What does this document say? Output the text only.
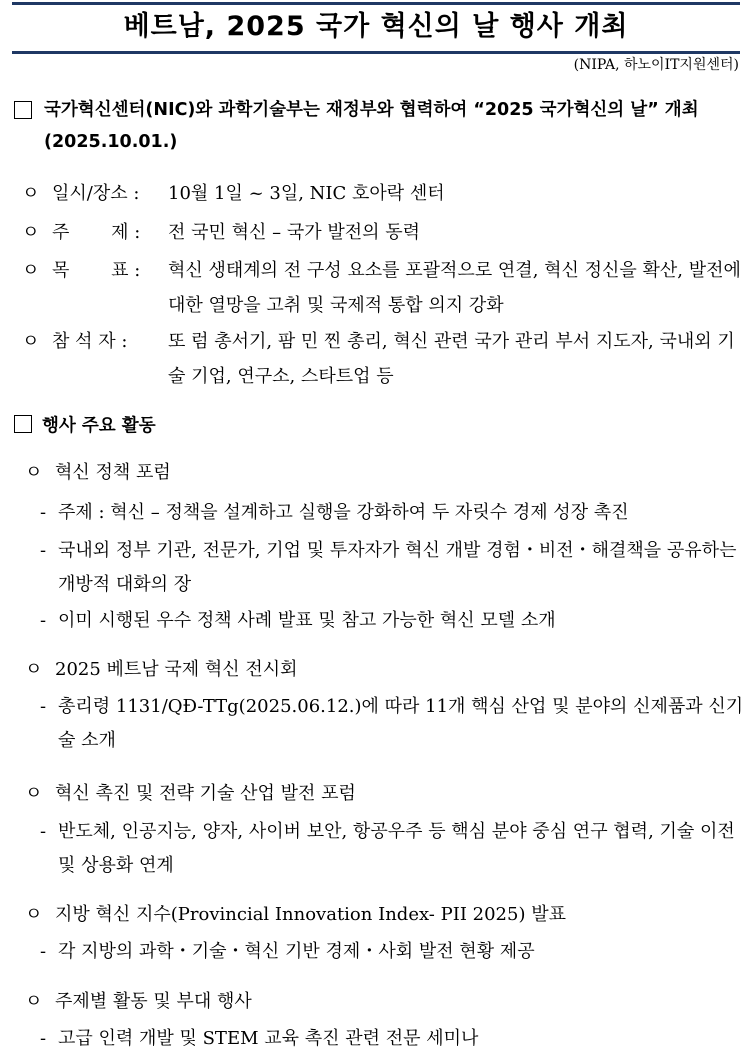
베트남, 2025 국가 혁신의 날 행사 개최
(NIPA, 하노이IT지원센터)
국가혁신센터(NIC)와 과학기술부는 재정부와 협력하여 “2025 국가혁신의 날” 개최(2025.10.01.)
ㅇ 일시/장소 : 10월 1일 ~ 3일, NIC 호아락 센터
ㅇ 주　　 제 : 전 국민 혁신 – 국가 발전의 동력
ㅇ 목　　 표 : 혁신 생태계의 전 구성 요소를 포괄적으로 연결, 혁신 정신을 확산, 발전에 대한 열망을 고취 및 국제적 통합 의지 강화
ㅇ 참 석 자 : 또 럼 총서기, 팜 민 찐 총리, 혁신 관련 국가 관리 부서 지도자, 국내외 기술 기업, 연구소, 스타트업 등
행사 주요 활동
ㅇ 혁신 정책 포럼
- 주제 : 혁신 – 정책을 설계하고 실행을 강화하여 두 자릿수 경제 성장 촉진
- 국내외 정부 기관, 전문가, 기업 및 투자자가 혁신 개발 경험・비전・해결책을 공유하는 개방적 대화의 장
- 이미 시행된 우수 정책 사례 발표 및 참고 가능한 혁신 모델 소개
ㅇ 2025 베트남 국제 혁신 전시회
- 총리령 1131/QĐ-TTg(2025.06.12.)에 따라 11개 핵심 산업 및 분야의 신제품과 신기술 소개
ㅇ 혁신 촉진 및 전략 기술 산업 발전 포럼
- 반도체, 인공지능, 양자, 사이버 보안, 항공우주 등 핵심 분야 중심 연구 협력, 기술 이전 및 상용화 연계
ㅇ 지방 혁신 지수(Provincial Innovation Index- PII 2025) 발표
- 각 지방의 과학・기술・혁신 기반 경제・사회 발전 현황 제공
ㅇ 주제별 활동 및 부대 행사
- 고급 인력 개발 및 STEM 교육 촉진 관련 전문 세미나
